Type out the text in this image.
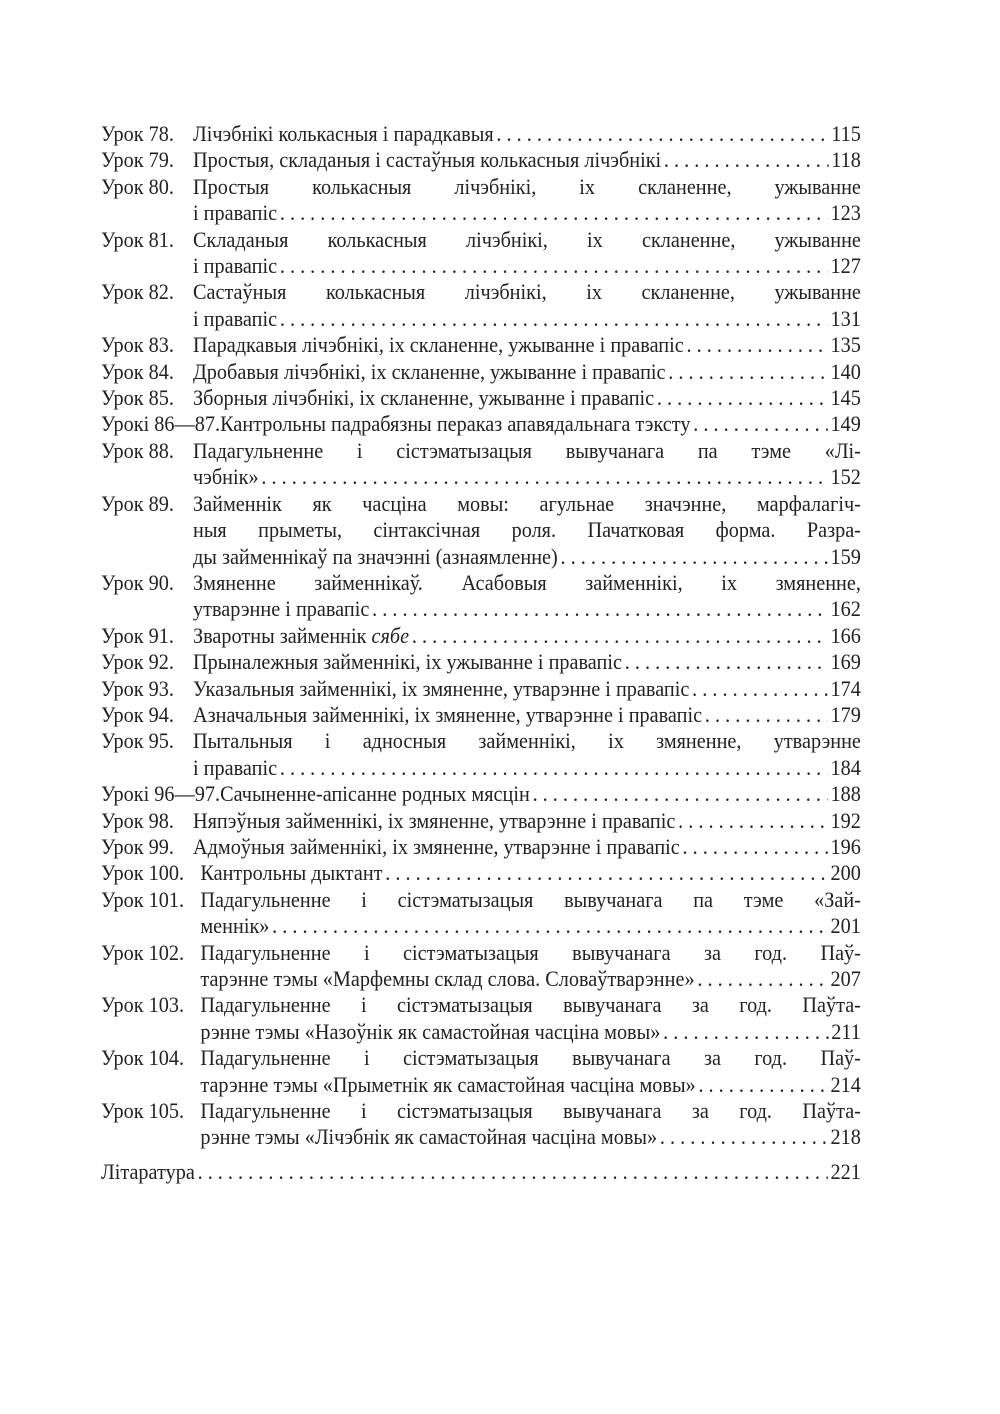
Урок 78. Лічэбнікі колькасныя і парадкавыя . . .	115
Урок 79. Простыя, складаныя і састаўныя колькасныя лічэбнікі . . .	118
Урок 80. Простыя колькасныя лічэбнікі, іх скланенне, ужыванне
і правапіс . . .	123
Урок 81. Складаныя колькасныя лічэбнікі, іх скланенне, ужыванне
і правапіс . . .	127
Урок 82. Састаўныя колькасныя лічэбнікі, іх скланенне, ужыванне
і правапіс . . .	131
Урок 83. Парадкавыя лічэбнікі, іх скланенне, ужыванне і правапіс . . .	135
Урок 84. Дробавыя лічэбнікі, іх скланенне, ужыванне і правапіс . . .	140
Урок 85. Зборныя лічэбнікі, іх скланенне, ужыванне і правапіс . . .	145
Урокі 86—87. Кантрольны падрабязны пераказ апавядальнага тэксту . . .	149
Урок 88. Падагульненне і сістэматызацыя вывучанага па тэме «Лі-
чэбнік» . . .	152
Урок 89. Займеннік як часціна мовы: агульнае значэнне, марфалагіч-
ныя прыметы, сінтаксічная роля. Пачатковая форма. Разра-
ды займеннікаў па значэнні (азнаямленне) . . .	159
Урок 90. Змяненне займеннікаў. Асабовыя займеннікі, іх змяненне,
утварэнне і правапіс . . .	162
Урок 91. Зваротны займеннік
сябе . . .	166
Урок 92. Прыналежныя займеннікі, іх ужыванне і правапіс . . .	169
Урок 93. Указальныя займеннікі, іх змяненне, утварэнне і правапіс . . .	174
Урок 94. Азначальныя займеннікі, іх змяненне, утварэнне і правапіс . . .	179
Урок 95. Пытальныя і адносныя займеннікі, іх змяненне, утварэнне
і правапіс . . .	184
Урокі 96—97. Сачыненне-апісанне родных мясцін . . .	188
Урок 98. Няпэўныя займеннікі, іх змяненне, утварэнне і правапіс . . .	192
Урок 99. Адмоўныя займеннікі, іх змяненне, утварэнне і правапіс . . .	196
Урок 100. Кантрольны дыктант . . .	200
Урок 101. Падагульненне і сістэматызацыя вывучанага па тэме «Зай-
меннік» . . .	201
Урок 102. Падагульненне і сістэматызацыя вывучанага за год. Паў-
тарэнне тэмы «Марфемны склад слова. Словаўтварэнне» . . .	207
Урок 103. Падагульненне і сістэматызацыя вывучанага за год. Паўта-
рэнне тэмы «Назоўнік як самастойная часціна мовы» . . .	211
Урок 104. Падагульненне і сістэматызацыя вывучанага за год. Паў-
тарэнне тэмы «Прыметнік як самастойная часціна мовы» . . .	214
Урок 105. Падагульненне і сістэматызацыя вывучанага за год. Паўта-
рэнне тэмы «Лічэбнік як самастойная часціна мовы» . . .	218
Літаратура . . .	221
